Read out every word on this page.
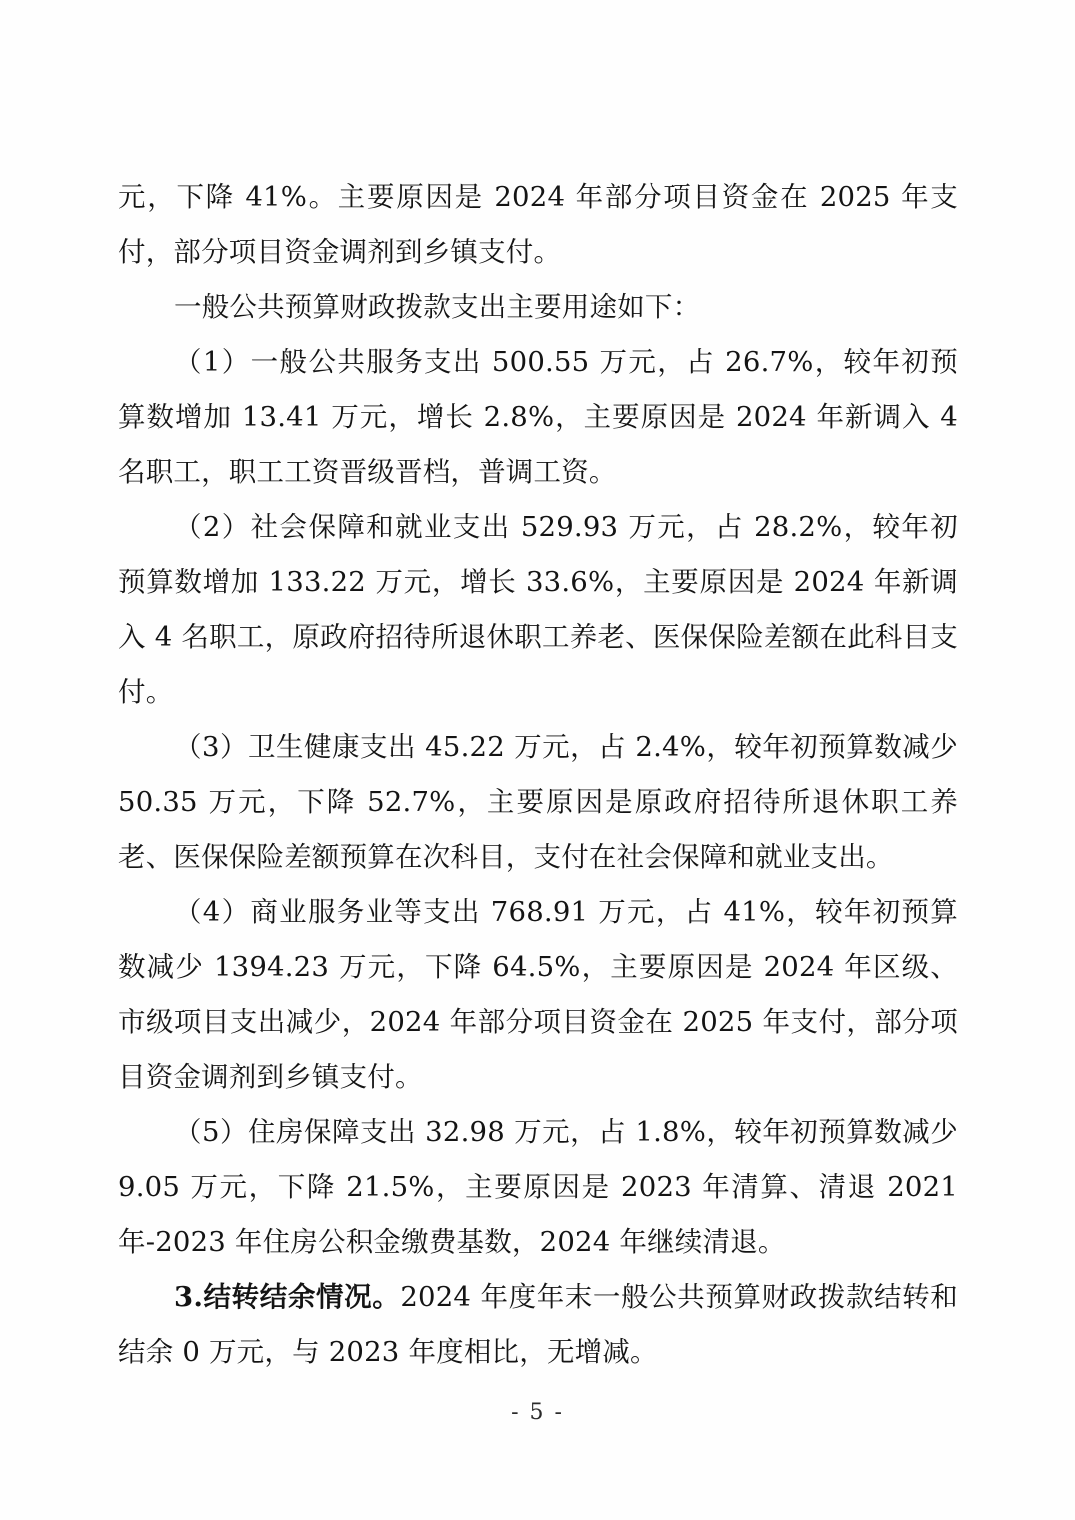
元，下降 41%。主要原因是 2024 年部分项目资金在 2025 年支付，部分项目资金调剂到乡镇支付。

一般公共预算财政拨款支出主要用途如下：

（1）一般公共服务支出 500.55 万元，占 26.7%，较年初预算数增加 13.41 万元，增长 2.8%，主要原因是 2024 年新调入 4 名职工，职工工资晋级晋档，普调工资。

（2）社会保障和就业支出 529.93 万元，占 28.2%，较年初预算数增加 133.22 万元，增长 33.6%，主要原因是 2024 年新调入 4 名职工，原政府招待所退休职工养老、医保保险差额在此科目支付。

（3）卫生健康支出 45.22 万元，占 2.4%，较年初预算数减少 50.35 万元，下降 52.7%，主要原因是原政府招待所退休职工养老、医保保险差额预算在次科目，支付在社会保障和就业支出。

（4）商业服务业等支出 768.91 万元，占 41%，较年初预算数减少 1394.23 万元，下降 64.5%，主要原因是 2024 年区级、市级项目支出减少，2024 年部分项目资金在 2025 年支付，部分项目资金调剂到乡镇支付。

（5）住房保障支出 32.98 万元，占 1.8%，较年初预算数减少 9.05 万元，下降 21.5%，主要原因是 2023 年清算、清退 2021 年-2023 年住房公积金缴费基数，2024 年继续清退。

3.结转结余情况。2024 年度年末一般公共预算财政拨款结转和结余 0 万元，与 2023 年度相比，无增减。

- 5 -
